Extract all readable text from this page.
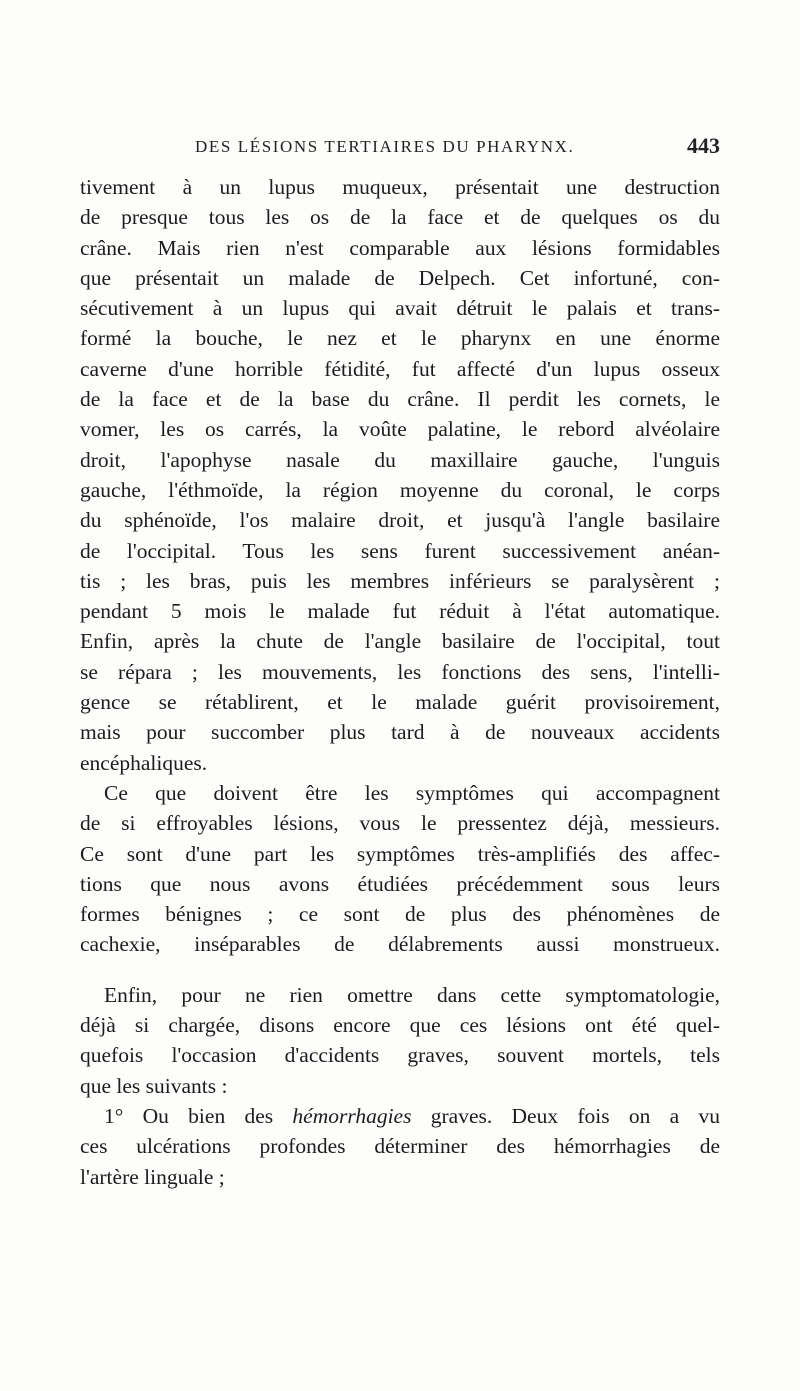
DES LÉSIONS TERTIAIRES DU PHARYNX.	443
tivement à un lupus muqueux, présentait une destruction
de presque tous les os de la face et de quelques os du
crâne. Mais rien n'est comparable aux lésions formidables
que présentait un malade de Delpech. Cet infortuné, con-
sécutivement à un lupus qui avait détruit le palais et trans-
formé la bouche, le nez et le pharynx en une énorme
caverne d'une horrible fétidité, fut affecté d'un lupus osseux
de la face et de la base du crâne. Il perdit les cornets, le
vomer, les os carrés, la voûte palatine, le rebord alvéolaire
droit, l'apophyse nasale du maxillaire gauche, l'unguis
gauche, l'éthmoïde, la région moyenne du coronal, le corps
du sphénoïde, l'os malaire droit, et jusqu'à l'angle basilaire
de l'occipital. Tous les sens furent successivement anéan-
tis ; les bras, puis les membres inférieurs se paralysèrent ;
pendant 5 mois le malade fut réduit à l'état automatique.
Enfin, après la chute de l'angle basilaire de l'occipital, tout
se répara ; les mouvements, les fonctions des sens, l'intelli-
gence se rétablirent, et le malade guérit provisoirement,
mais pour succomber plus tard à de nouveaux accidents
encéphaliques.
Ce que doivent être les symptômes qui accompagnent
de si effroyables lésions, vous le pressentez déjà, messieurs.
Ce sont d'une part les symptômes très-amplifiés des affec-
tions que nous avons étudiées précédemment sous leurs
formes bénignes ; ce sont de plus des phénomènes de
cachexie, inséparables de délabrements aussi monstrueux.
Enfin, pour ne rien omettre dans cette symptomatologie,
déjà si chargée, disons encore que ces lésions ont été quel-
quefois l'occasion d'accidents graves, souvent mortels, tels
que les suivants :
1° Ou bien des hémorrhagies graves. Deux fois on a vu
ces ulcérations profondes déterminer des hémorrhagies de
l'artère linguale ;
